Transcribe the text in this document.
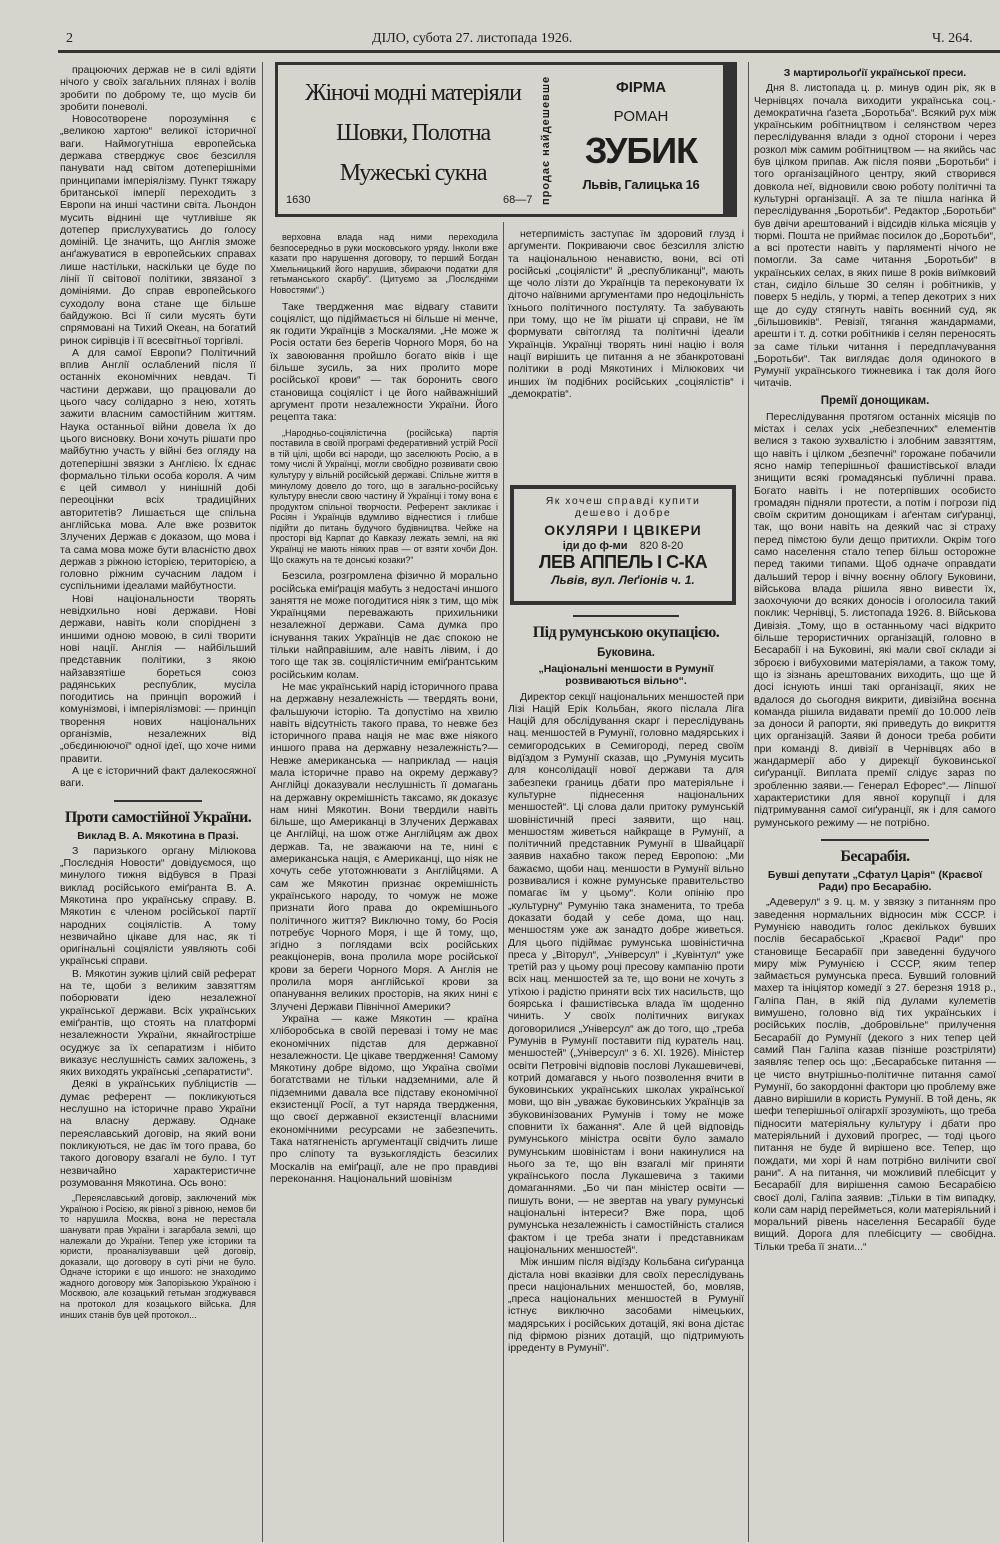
2	ДІЛО, субота 27. листопада 1926.	Ч. 264.

працюючих держав не в силі вдіяти нічого у своїх загальних плянах і волів зробити по доброму те, що мусів би зробити поневолі.

Новосотворене порозуміння є „великою хартою“ великої історичної ваги. Наймогутніша европейська держава стверджує своє безсилля панувати над світом дотеперішніми принципами імперіялізму. Пункт тяжару британської імперії переходить з Европи на инші частини світа. Льондон мусить віднині ще чутливіше як дотепер прислухуватись до голосу доміній. Це значить, що Англія зможе анґажуватися в европейських справах лише настільки, наскільки це буде по лінії її світової політики, звязаної з домініями. До справ европейського суходолу вона стане ще більше байдужою. Всі її сили мусять бути спрямовані на Тихий Океан, на богатий ринок сирівців і її всесвітньої торгівлі.

А для самої Европи? Політичний вплив Англії ослаблений після її останніх економічних невдач. Ті частини держави, що працювали до цього часу солідарно з нею, хотять зажити власним самостійним життям. Наука останньої війни довела їх до цього висновку. Вони хочуть рішати про майбутню участь у війні без огляду на дотеперішні звязки з Англією. Їх єднає формально тільки особа короля. А чим є цей символ у нинішній добі переоцінки всіх традиційних авторитетів? Лишається ще спільна англійська мова. Але вже розвиток Злучених Держав є доказом, що мова і та сама мова може бути власністю двох держав з ріжною історією, територією, а головно ріжним сучасним ладом і суспільними ідеалами майбутности.

Нові національности творять невідхильно нові держави. Нові держави, навіть коли споріднені з иншими одною мовою, в силі творити нові нації. Англія — найбільший представник політики, з якою найзавзятіше бореться союз радянських республик, мусіла погодитись на принціп ворожий і комунізмові, і імперіялізмові: — принціп творення нових національних організмів, незалежних від „обєдинюючої“ одної ідеї, що хоче ними правити.

А це є історичний факт далекосяжної ваги.

Проти самостійної України.
Виклад В. А. Мякотина в Празі.

З паризького органу Мілюкова „Послєднія Новости“ довідуємося, що минулого тижня відбувся в Празі виклад російського еміґранта В. А. Мякотина про українську справу. В. Мякотин є членом російської партії народних соціялістів. А тому незвичайно цікаве для нас, як ті оригінальні соціялісти уявляють собі українські справи.

В. Мякотин зужив цілий свій реферат на те, щоби з великим завзяттям поборювати ідею незалежної української держави. Всіх українських еміґрантів, що стоять на платформі незалежности України, якнайгостріше осуджує за їх сепаратизм і нібито виказує неслушність самих заложень, з яких виходять українські „сепаратисти“.

Деякі в українських публіцистів — думає референт — покликуються неслушно на історичне право України на власну державу. Однаке переяславський договір, на який вони покликуються, не дає їм того права, бо такого договору взагалі не було. І тут незвичайно характеристичне розумовання Мякотина. Ось воно:

„Переяславський договір, заключений між Україною і Росією, як рівної з рівною, немов би то нарушила Москва, вона не перестала шанувати прав України і загарбала землі, що належали до України. Тепер уже історики та юристи, проаналізувавши цей договір, доказали, що договору в суті річи не було. Одначе історики є що иншого: не знаходимо жадного договору між Запорізькою Україною і Москвою, але козацький гетьман згоджувався на протокол для козацького війська. Для инших станів був цей протокол...

верховна влада над ними переходила безпосередньо в руки московського уряду. Інколи вже казати про нарушення договору, то перший Богдан Хмельницький його нарушив, збираючи податки для гетьманського скарбу“. (Цитуємо за „Послєдніми Новостями“.)

Таке твердження має відвагу ставити соціяліст, що підіймається ні більше ні менче, як годити Українців з Москалями. „Не може ж Росія остати без берегів Чорного Моря, бо на їх завоювання пройшло богато віків і ще більше зусиль, за них пролито море російської крови“ — так боронить свого становища соціяліст і це його найважніший аргумент проти незалежности України. Його рецепта така:

„Народньо-соціялістична (російська) партія поставила в своїй програмі федеративний устрій Росії в тій цілі, щоби всі народи, що заселюють Росію, а в тому числі й Українці, могли свобідно розвивати свою культуру у вільній російській державі. Спільне життя в минулому довело до того, що в загально-російську культуру внесли свою частину й Українці і тому вона є продуктом спільної творчости. Референт закликає і Росіян і Українців вдумливо віднестися і глибше підійти до питань будучого будівництва. Чейже на просторі від Карпат до Кавказу лежать землі, на які Українці не мають ніяких прав — от взяти хочби Дон. Що скажуть на те донські козаки?“

Безсила, розгромлена фізично й морально російська еміґрація мабуть з недостачі иншого заняття не може погодитися ніяк з тим, що між Українцями переважають прихильники незалежної держави. Сама думка про існування таких Українців не дає спокою не тільки найправішим, але навіть лівим, і до того ще так зв. соціялістичним еміґрантським російським колам.

Не має український нарід історичного права на державну незалежність — твердять вони, фальшуючи історію. Та допустімо на хвилю навіть відсутність такого права, то невже без історичного права нація не має вже ніякого иншого права на державну незалежність?— Невже американська — наприклад — нація мала історичне право на окрему державу? Англійці доказували неслушність її домагань на державну окремішність таксамо, як доказує нам нині Мякотин. Вони твердили навіть більше, що Американці в Злучених Державах це Англійці, на шож отже Англійцям аж двох держав. Та, не зважаючи на те, нині є американська нація, є Американці, що ніяк не хочуть себе утотожнювати з Англійцями. А сам же Мякотин признає окремішність українського народу, то чомуж не може признати його права до окремішнього політичного життя? Виключно тому, бо Росія потребує Чорного Моря, і ще й тому, що, згідно з поглядами всіх російських реакціонерів, вона пролила море російської крови за береги Чорного Моря. А Англія не пролила моря англійської крови за опанування великих просторів, на яких нині є Злучені Держави Північної Америки?

Україна — каже Мякотин — країна хліборобська в своїй перевазі і тому не має економічних підстав для державної незалежности. Це цікаве твердження! Самому Мякотину добре відомо, що Україна своїми богатствами не тільки надземними, але й підземними давала все підставу економічної екзистенції Росії, а тут наряда твердження, що своєї державної екзистенції власними економічними ресурсами не забезпечить. Така натягненість аргументації свідчить лише про сліпоту та вузькоглядість безсилих Москалів на еміґрації, але не про правдиві переконання. Національний шовінізм

нетерпимість заступає їм здоровий глузд і аргументи. Покриваючи своє безсилля злістю та національною ненавистю, вони, всі оті російські „соціялісти“ й „республиканці“, мають ще чоло лізти до Українців та переконувати їх діточо наївними аргументами про недоцільність їхнього політичного постуляту. Та забувають при тому, що не їм рішати ці справи, не їм формувати світогляд та політичні ідеали Українців. Українці творять нині націю і воля нації вирішить це питання а не збанкротовані політики в роді Мякотиних і Мілюкових чи инших їм подібних російських „соціялістів“ і „демократів“.

Під румунською окупацією.
Буковина.
„Національні меншости в Румунії розвиваються вільно“.

Директор секції національних меншостей при Лізі Націй Ерік Кольбан, якого післала Ліга Націй для обслідування скарг і переслідувань нац. меншостей в Румунії, головно мадярських і семигородських в Семигороді, перед своїм відїздом з Румунії сказав, що „Румунія мусить для консолідації нової держави та для забезпеки границь дбати про матеріяльне і культурне піднесення національних меншостей“. Ці слова дали притоку румунській шовіністичній пресі заявити, що нац. меншостям живеться найкраще в Румунії, а політичний представник Румунії в Швайцарії заявив нахабно також перед Европою: „Ми бажаємо, щоби нац. меншости в Румунії вільно розвивалися і кожне румунське правительство помагає їм у цьому“. Коли опінію про „культурну“ Румунію така знаменита, то треба доказати бодай у себе дома, що нац. меншостям уже аж занадто добре живеться. Для цього підіймає румунська шовіністична преса у „Віторул“, „Універсул“ і „Кувінтул“ уже третій раз у цьому році пресову кампанію проти всіх нац. меншостей за те, що вони не хочуть з утіхою і радістю приняти всіх тих насильств, що боярська і фашистівська влада їм щоденно чинить. У своїх політичних вигуках договорилися „Універсул“ аж до того, що „треба Румунів в Румунії поставити під куратель нац. меншостей“ („Універсул“ з 6. ХІ. 1926). Міністер освіти Петровічі відповів послові Лукашевичеві, котрий домагався у нього позволення вчити в буковинських українських школах української мови, що він „уважає буковинських Українців за збуковинізованих Румунів і тому не може сповнити їх бажання“. Але й цей відповідь румунського міністра освіти було замало румунським шовіністам і вони накинулися на нього за те, що він взагалі міг приняти українського посла Лукашевича з такими домаганнями. „Бо чи пан міністер освіти — пишуть вони, — не звертав на увагу румунські національні інтереси? Вже пора, щоб румунська незалежність і самостійність сталися фактом і це треба знати і представникам національних меншостей“.

Між иншим після відїзду Кольбана сиґуранца дістала нові вказівки для своїх переслідувань преси національних меншостей, бо, мовляв, „преса національних меншостей в Румунії істнує виключно засобами німецьких, мадярських і російських дотацій, які вона дістає під фірмою різних дотацій, що підтримують ірреденту в Румунії“.

З мартирольоґії української преси.

Дня 8. листопада ц. р. минув один рік, як в Чернівцях почала виходити українська соц.-демократична ґазета „Боротьба“. Всякий рух між українським робітництвом і селянством через переслідування влади з одної сторони і через розкол між самим робітництвом — на якийсь час був цілком припав. Аж після появи „Боротьби“ і того організаційного центру, який створився довкола неї, відновили свою роботу політичні та культурні організації. А за те пішла нагінка й переслідування „Боротьби“. Редактор „Боротьби“ був двічи арештований і відсидів кілька місяців у тюрмі. Пошта не приймає посилок до „Боротьби“, а всі протести навіть у парляменті нічого не помогли. За саме читання „Боротьби“ в українських селах, в яких пише 8 років виїмковий стан, сиділо більше 30 селян і робітників, у поверх 5 неділь, у тюрмі, а тепер декотрих з них ще до суду стягнуть навіть воєнний суд, як „більшовиків“. Ревізії, тягання жандармами, арешти і т. д. сотки робітників і селян переносять за саме тільки читання і передплачування „Боротьби“. Так виглядає доля одинокого в Румунії українського тижневика і так доля його читачів.

Премії донощикам.

Переслідування протягом останніх місяців по містах і селах усіх „небезпечних“ елементів велися з такою зухвалістю і злобним завзяттям, що навіть і цілком „безпечні“ горожане побачили ясно намір теперішньої фашистівської влади знищити всякі громадянські публичні права. Богато навіть і не потерпівших особисто громадян підняли протести, а потім і погрози під своїм скритим донощикам і аґентам сиґуранці, так, що вони навіть на деякий час зі страху перед пімстою були дещо притихли. Окрім того само населення стало тепер більш осторожне перед такими типами. Щоб одначе оправдати дальший терор і вічну воєнну облогу Буковини, військова влада рішила явно вивести їх, заохочуючи до всяких доносів і оголосила такий поклик: Чернівці, 5. листопада 1926. 8. Військова Дивізія. „Тому, що в останньому часі відкрито більше терористичних організацій, головно в Бесарабії і на Буковині, які мали свої склади зі зброєю і вибуховими матеріялами, а також тому, що із зізнань арештованих виходить, що ще й досі існують инші такі організації, яких не вдалося до сьогодня викрити, дивізійна воєнна команда рішила видавати премії до 10.000 леїв за доноси й рапорти, які приведуть до викриття цих організацій. Заяви й доноси треба робити при команді 8. дивізії в Чернівцях або в жандармерії або у дирекції буковинської сиґуранції. Виплата премії слідує зараз по зробленню заяви.— Генерал Ефорес“.— Ліпшої характеристики для явної корупції і для підтримування самої сиґуранції, як і для самого румунського режиму — не потрібно.

Бесарабія.
Бувші депутати „Сфатул Царія“ (Краєвої Ради) про Бесарабію.

„Адеверул“ з 9. ц. м. у звязку з питанням про заведення нормальних відносин між СССР. і Румунією наводить голос декількох бувших послів бесарабської „Краєвої Ради“ про становище Бесарабії при заведенні будучого миру між Румунією і СССР, яким тепер займається румунська преса. Бувший головний махер та ініціятор комедії з 27. березня 1918 р., Галіпа Пан, в якій під дулами кулеметів вимушено, головно від тих українських і російських послів, „добровільне“ прилучення Бесарабії до Румунії (декого з них тепер цей самий Пан Галіпа казав пізніше розстріляти) заявляє тепер ось що: „Бесарабське питання — це чисто внутрішньо-політичне питання самої Румунії, бо закордонні фактори цю проблему вже давно вирішили в користь Румунії. В той день, як шефи теперішньої олігархії зрозуміють, що треба підносити матеріяльну культуру і дбати про матеріяльний і духовий прогрес, — тоді цього питання не буде й вирішено все. Тепер, що пождати, ми хорі й нам потрібно вилічити свої рани“. А на питання, чи можливий плебісцит у Бесарабії для вирішення самою Бесарабією своєї долі, Галіпа заявив: „Тільки в тім випадку, коли сам нарід перейметься, коли матеріяльний і моральний рівень населення Бесарабії буде вищий. Дорога для плебісциту — свобідна. Тільки треба її знати...“

Жіночі модні матеріяли
Шовки, Полотна
Мужеські сукна
1630	68—7 продає найдешевше	ФІРМА
РОМАН
ЗУБИК
Львів, Галицька 16
Як хочеш справді купити дешево і добре
ОКУЛЯРИ І ЦВІКЕРИ
іди до ф-ми 820 8-20
ЛЕВ АППЕЛЬ І С-КА
Львів, вул. Леґіонів ч. 1.
